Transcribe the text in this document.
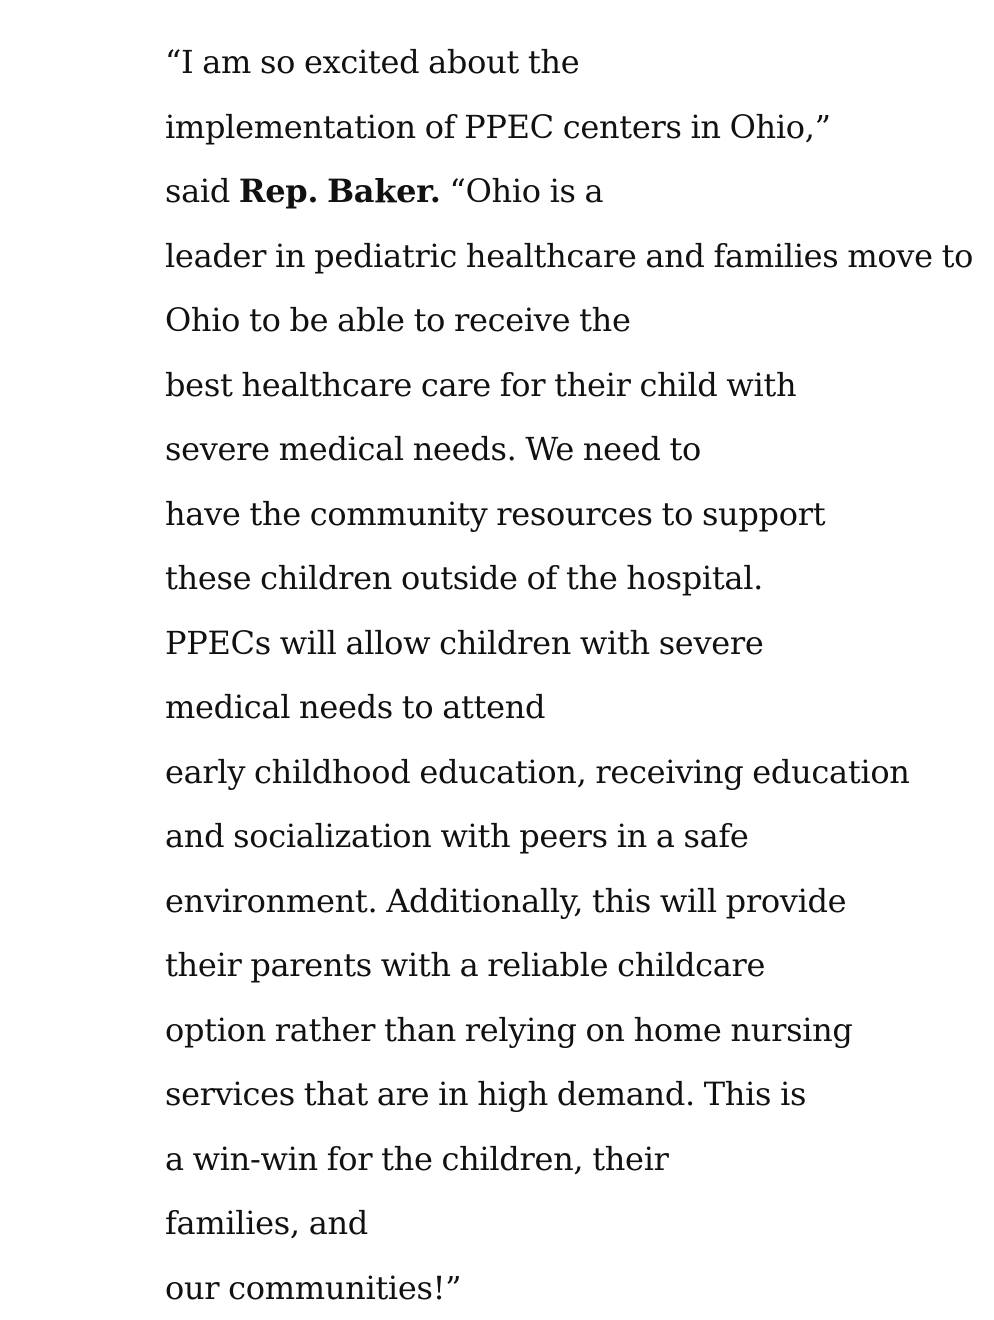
“I am so excited about the
implementation of PPEC centers in Ohio,”
said Rep. Baker. “Ohio is a
leader in pediatric healthcare and families move to
Ohio to be able to receive the
best healthcare care for their child with
severe medical needs. We need to
have the community resources to support
these children outside of the hospital.
PPECs will allow children with severe
medical needs to attend
early childhood education, receiving education
and socialization with peers in a safe
environment. Additionally, this will provide
their parents with a reliable childcare
option rather than relying on home nursing
services that are in high demand. This is
a win-win for the children, their
families, and
our communities!”
